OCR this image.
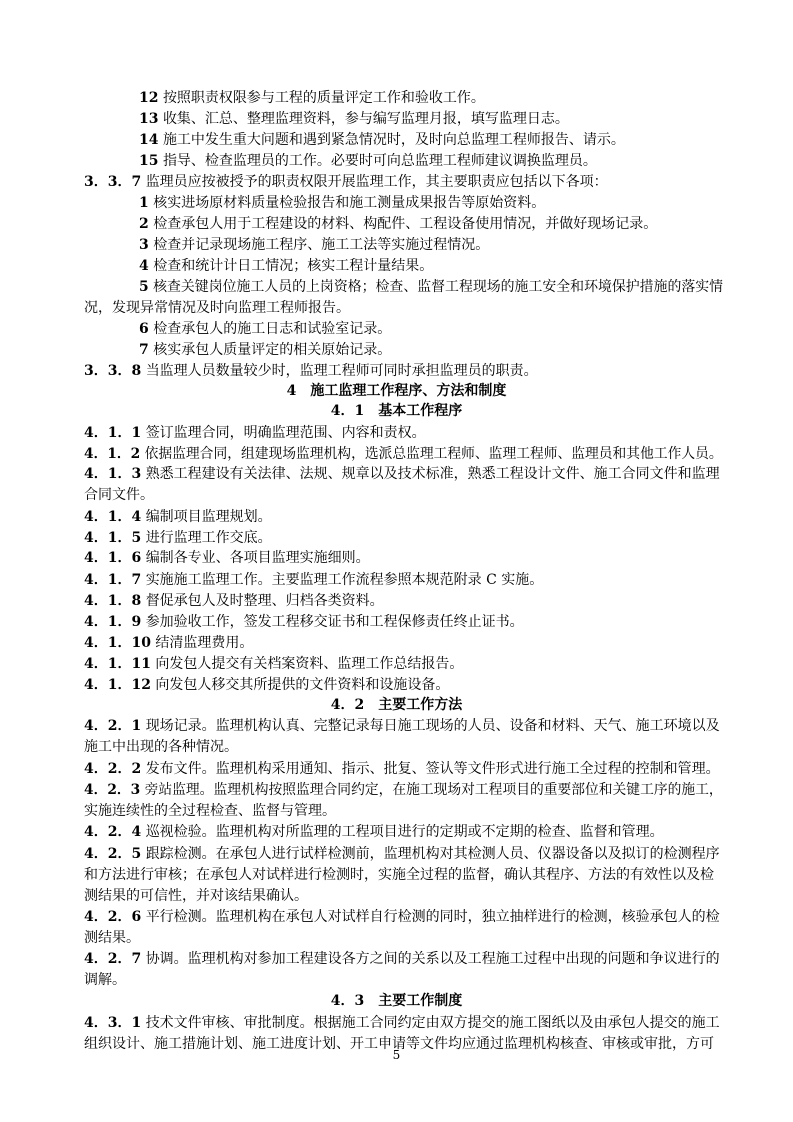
12 按照职责权限参与工程的质量评定工作和验收工作。
13 收集、汇总、整理监理资料，参与编写监理月报，填写监理日志。
14 施工中发生重大问题和遇到紧急情况时，及时向总监理工程师报告、请示。
15 指导、检查监理员的工作。必要时可向总监理工程师建议调换监理员。
3．3．7 监理员应按被授予的职责权限开展监理工作，其主要职责应包括以下各项：
1 核实进场原材料质量检验报告和施工测量成果报告等原始资料。
2 检查承包人用于工程建设的材料、构配件、工程设备使用情况，并做好现场记录。
3 检查并记录现场施工程序、施工工法等实施过程情况。
4 检查和统计计日工情况；核实工程计量结果。
5 核查关键岗位施工人员的上岗资格；检查、监督工程现场的施工安全和环境保护措施的落实情
况，发现异常情况及时向监理工程师报告。
6 检查承包人的施工日志和试验室记录。
7 核实承包人质量评定的相关原始记录。
3．3．8 当监理人员数量较少时，监理工程师可同时承担监理员的职责。
4　 施工监理工作程序、方法和制度
4．1　 基本工作程序
4．1．1 签订监理合同，明确监理范围、内容和责权。
4．1．2 依据监理合同，组建现场监理机构，选派总监理工程师、监理工程师、监理员和其他工作人员。
4．1．3 熟悉工程建设有关法律、法规、规章以及技术标准，熟悉工程设计文件、施工合同文件和监理
合同文件。
4．1．4 编制项目监理规划。
4．1．5 进行监理工作交底。
4．1．6 编制各专业、各项目监理实施细则。
4．1．7 实施施工监理工作。主要监理工作流程参照本规范附录 C 实施。
4．1．8 督促承包人及时整理、归档各类资料。
4．1．9 参加验收工作，签发工程移交证书和工程保修责任终止证书。
4．1．10 结清监理费用。
4．1．11 向发包人提交有关档案资料、监理工作总结报告。
4．1．12 向发包人移交其所提供的文件资料和设施设备。
4．2　 主要工作方法
4．2．1 现场记录。监理机构认真、完整记录每日施工现场的人员、设备和材料、天气、施工环境以及
施工中出现的各种情况。
4．2．2 发布文件。监理机构采用通知、指示、批复、签认等文件形式进行施工全过程的控制和管理。
4．2．3 旁站监理。监理机构按照监理合同约定，在施工现场对工程项目的重要部位和关键工序的施工，
实施连续性的全过程检查、监督与管理。
4．2．4 巡视检验。监理机构对所监理的工程项目进行的定期或不定期的检查、监督和管理。
4．2．5 跟踪检测。在承包人进行试样检测前，监理机构对其检测人员、仪器设备以及拟订的检测程序
和方法进行审核；在承包人对试样进行检测时，实施全过程的监督，确认其程序、方法的有效性以及检
测结果的可信性，并对该结果确认。
4．2．6 平行检测。监理机构在承包人对试样自行检测的同时，独立抽样进行的检测，核验承包人的检
测结果。
4．2．7 协调。监理机构对参加工程建设各方之间的关系以及工程施工过程中出现的问题和争议进行的
调解。
4．3　 主要工作制度
4．3．1 技术文件审核、审批制度。根据施工合同约定由双方提交的施工图纸以及由承包人提交的施工
组织设计、施工措施计划、施工进度计划、开工申请等文件均应通过监理机构核查、审核或审批，方可
5
